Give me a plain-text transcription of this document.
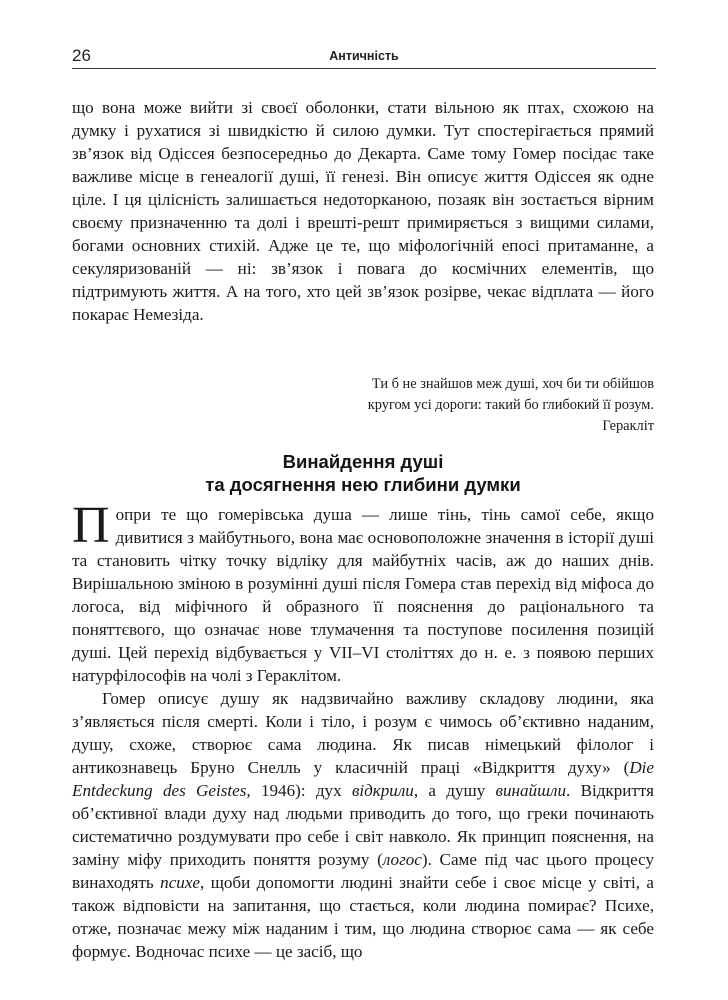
26	Античність

що вона може вийти зі своєї оболонки, стати вільною як птах, схожою на думку і рухатися зі швидкістю й силою думки. Тут спостерігається прямий зв’язок від Одіссея безпосередньо до Декарта. Саме тому Гомер посідає таке важливе місце в генеалогії душі, її генезі. Він описує життя Одіссея як одне ціле. І ця цілісність залишається недоторканою, позаяк він зостається вірним своєму призначенню та долі і врешті-решт примиряється з вищими силами, богами основних стихій. Адже це те, що міфологічній епосі притаманне, а секуляризованій — ні: зв’язок і повага до космічних елементів, що підтримують життя. А на того, хто цей зв’язок розірве, чекає відплата — його покарає Немезіда.

Ти б не знайшов меж душі, хоч би ти обійшов
кругом усі дороги: такий бо глибокий її розум.
Геракліт
Винайдення душі
та досягнення нею глибини думки

Попри те що гомерівська душа — лише тінь, тінь самої себе, якщо дивитися з майбутнього, вона має основоположне значення в історії душі та становить чітку точку відліку для майбутніх часів, аж до наших днів. Вирішальною зміною в розумінні душі після Гомера став перехід від міфоса до логоса, від міфічного й образного її пояснення до раціонального та поняттєвого, що означає нове тлумачення та поступове посилення позицій душі. Цей перехід відбувається у VII–VI століттях до н. е. з появою перших натурфілософів на чолі з Гераклітом.

Гомер описує душу як надзвичайно важливу складову людини, яка з’являється після смерті. Коли і тіло, і розум є чимось об’єктивно наданим, душу, схоже, створює сама людина. Як писав німецький філолог і антикознавець Бруно Снелль у класичній праці «Відкриття духу» (Die Entdeckung des Geistes, 1946): дух відкрили, а душу винайшли. Відкриття об’єктивної влади духу над людьми приводить до того, що греки починають систематично роздумувати про себе і світ навколо. Як принцип пояснення, на заміну міфу приходить поняття розуму (логос). Саме під час цього процесу винаходять психе, щоби допомогти людині знайти себе і своє місце у світі, а також відповісти на запитання, що стається, коли людина помирає? Психе, отже, позначає межу між наданим і тим, що людина створює сама — як себе формує. Водночас психе — це засіб, що
